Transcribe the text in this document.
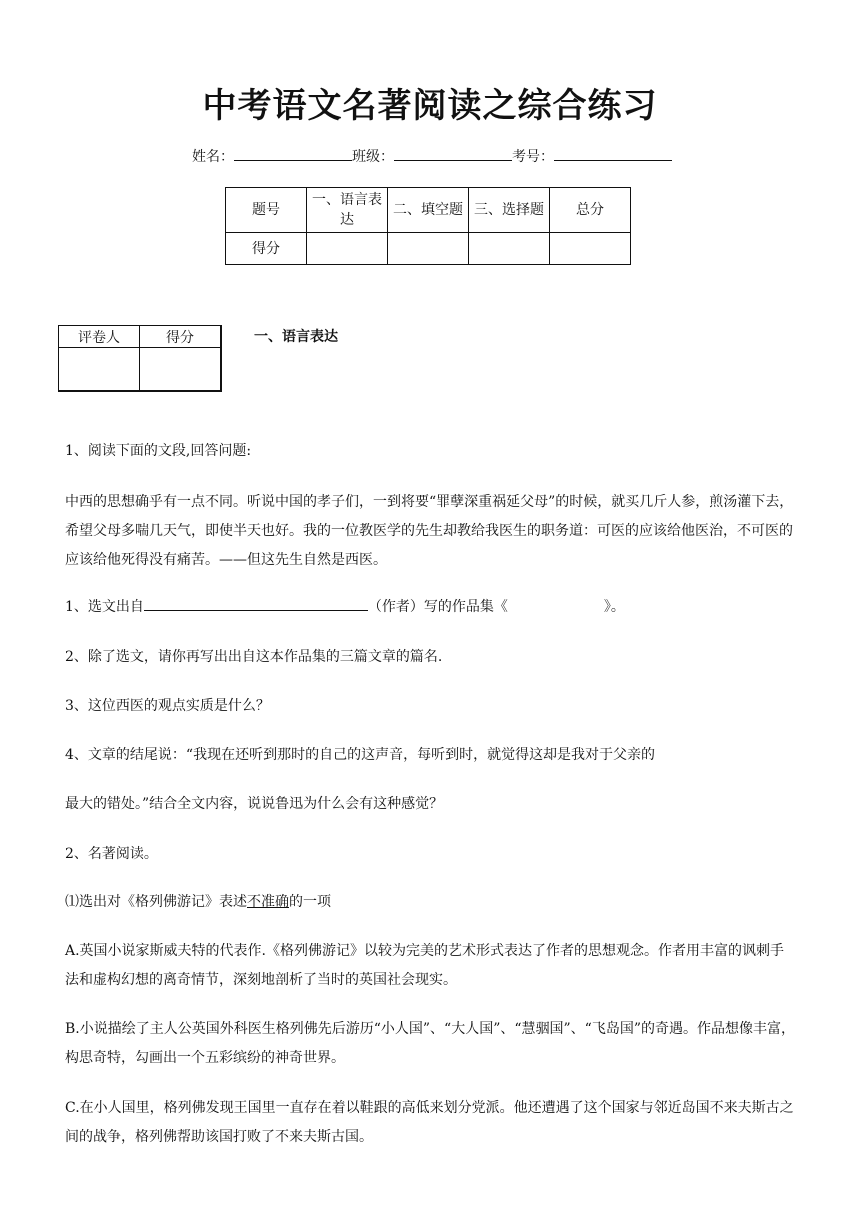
中考语文名著阅读之综合练习
姓名：	班级：	考号：
题号	一、语言表达	二、填空题	三、选择题	总分
得分				
评卷人	得分
		一、语言表达
1、阅读下面的文段,回答问题:
中西的思想确乎有一点不同。听说中国的孝子们，一到将要“罪孽深重祸延父母”的时候，就买几斤人参，煎汤灌下去，希望父母多喘几天气，即使半天也好。我的一位教医学的先生却教给我医生的职务道：可医的应该给他医治，不可医的应该给他死得没有痛苦。——但这先生自然是西医。
1、选文出自	（作者）写的作品集《	》。
2、除了选文，请你再写出出自这本作品集的三篇文章的篇名.
3、这位西医的观点实质是什么？
4、文章的结尾说：“我现在还听到那时的自己的这声音，每听到时，就觉得这却是我对于父亲的
最大的错处。”结合全文内容，说说鲁迅为什么会有这种感觉？
2、名著阅读。
⑴选出对《格列佛游记》表述不准确的一项
A.英国小说家斯威夫特的代表作.《格列佛游记》以较为完美的艺术形式表达了作者的思想观念。作者用丰富的讽刺手法和虚构幻想的离奇情节，深刻地剖析了当时的英国社会现实。
B.小说描绘了主人公英国外科医生格列佛先后游历“小人国”、“大人国”、“慧骃国”、“飞岛国”的奇遇。作品想像丰富，构思奇特，勾画出一个五彩缤纷的神奇世界。
C.在小人国里，格列佛发现王国里一直存在着以鞋跟的高低来划分党派。他还遭遇了这个国家与邻近岛国不来夫斯古之间的战争，格列佛帮助该国打败了不来夫斯古国。
